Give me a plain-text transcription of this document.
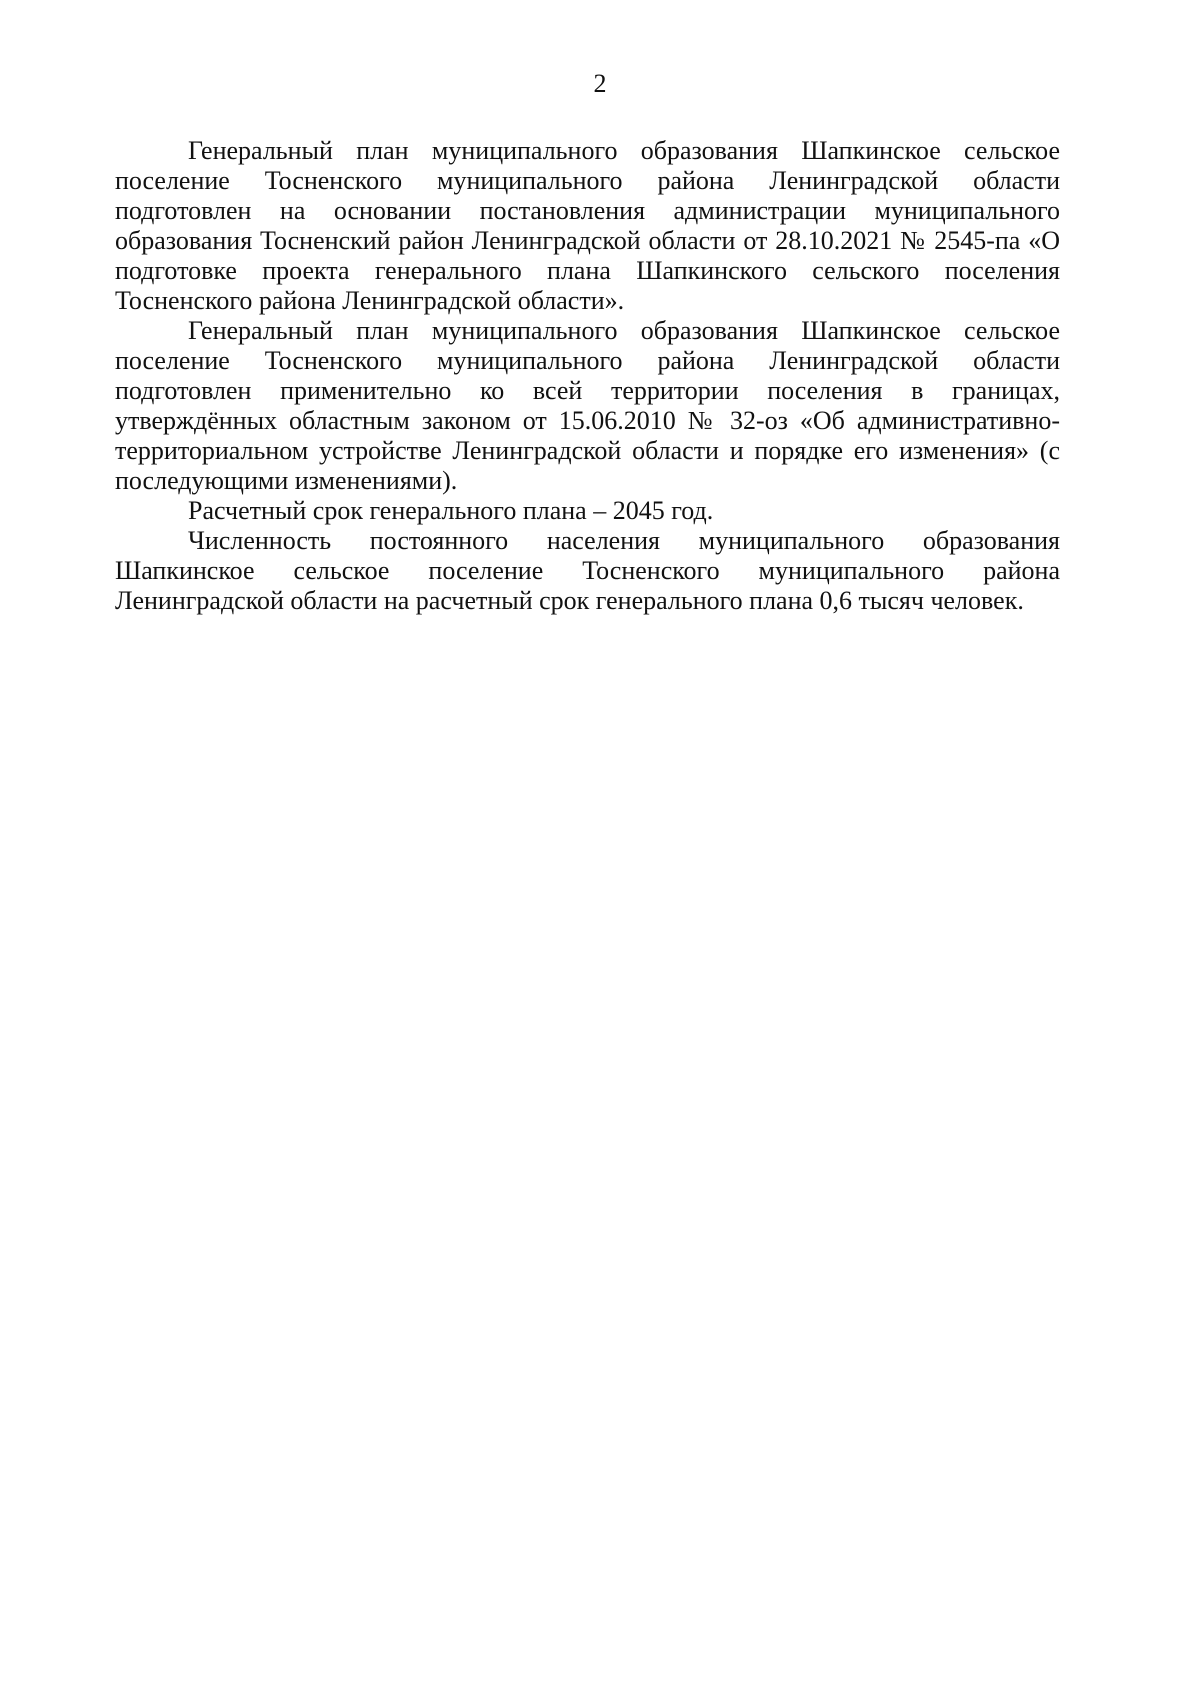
2

Генеральный план муниципального образования Шапкинское сельское поселение Тосненского муниципального района Ленинградской области подготовлен на основании постановления администрации муниципального образования Тосненский район Ленинградской области от 28.10.2021 № 2545-па «О подготовке проекта генерального плана Шапкинского сельского поселения Тосненского района Ленинградской области».

Генеральный план муниципального образования Шапкинское сельское поселение Тосненского муниципального района Ленинградской области подготовлен применительно ко всей территории поселения в границах, утверждённых областным законом от 15.06.2010 № 32-оз «Об административно-территориальном устройстве Ленинградской области и порядке его изменения» (с последующими изменениями).

Расчетный срок генерального плана – 2045 год.

Численность постоянного населения муниципального образования Шапкинское сельское поселение Тосненского муниципального района Ленинградской области на расчетный срок генерального плана 0,6 тысяч человек.
